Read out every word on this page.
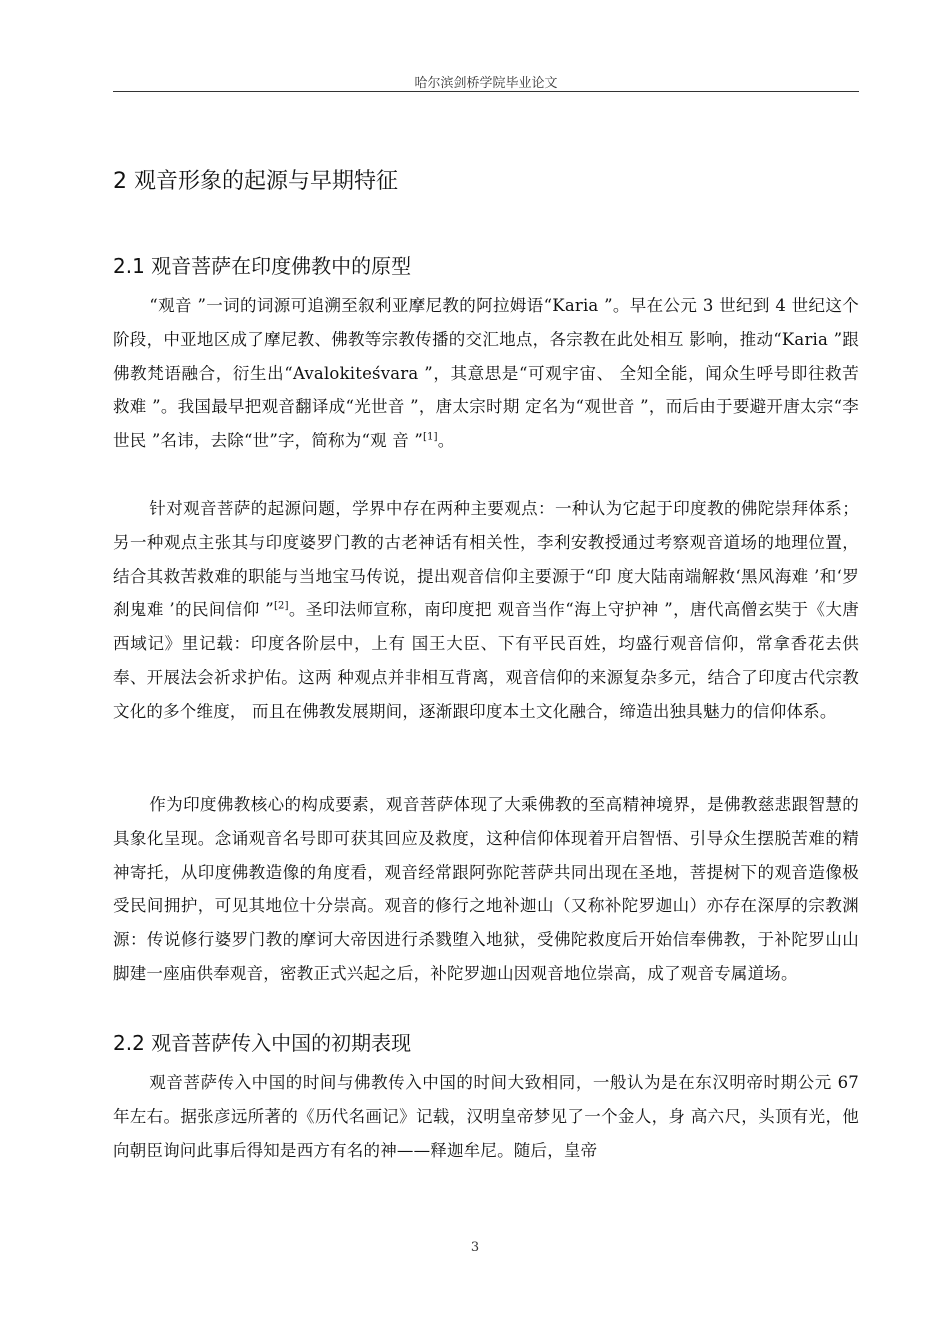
哈尔滨剑桥学院毕业论文
2 观音形象的起源与早期特征
2.1 观音菩萨在印度佛教中的原型
“观音 ”一词的词源可追溯至叙利亚摩尼教的阿拉姆语“Karia ”。早在公元 3 世纪到 4 世纪这个阶段，中亚地区成了摩尼教、佛教等宗教传播的交汇地点，各宗教在此处相互 影响，推动“Karia ”跟佛教梵语融合，衍生出“Avalokiteśvara ”，其意思是“可观宇宙、 全知全能，闻众生呼号即往救苦救难 ”。我国最早把观音翻译成“光世音 ”，唐太宗时期 定名为“观世音 ”，而后由于要避开唐太宗“李世民 ”名讳，去除“世”字，简称为“观 音 ”[1]。
针对观音菩萨的起源问题，学界中存在两种主要观点：一种认为它起于印度教的佛陀崇拜体系；另一种观点主张其与印度婆罗门教的古老神话有相关性，李利安教授通过考察观音道场的地理位置，结合其救苦救难的职能与当地宝马传说，提出观音信仰主要源于“印 度大陆南端解救‘黑风海难 ’和‘罗刹鬼难 ’的民间信仰 ”[2]。圣印法师宣称，南印度把 观音当作“海上守护神 ”，唐代高僧玄奘于《大唐西域记》里记载：印度各阶层中，上有 国王大臣、下有平民百姓，均盛行观音信仰，常拿香花去供奉、开展法会祈求护佑。这两 种观点并非相互背离，观音信仰的来源复杂多元，结合了印度古代宗教文化的多个维度， 而且在佛教发展期间，逐渐跟印度本土文化融合，缔造出独具魅力的信仰体系。
作为印度佛教核心的构成要素，观音菩萨体现了大乘佛教的至高精神境界，是佛教慈悲跟智慧的具象化呈现。念诵观音名号即可获其回应及救度，这种信仰体现着开启智悟、引导众生摆脱苦难的精神寄托，从印度佛教造像的角度看，观音经常跟阿弥陀菩萨共同出现在圣地，菩提树下的观音造像极受民间拥护，可见其地位十分崇高。观音的修行之地补迦山（又称补陀罗迦山）亦存在深厚的宗教渊源：传说修行婆罗门教的摩诃大帝因进行杀戮堕入地狱，受佛陀救度后开始信奉佛教，于补陀罗山山脚建一座庙供奉观音，密教正式兴起之后，补陀罗迦山因观音地位崇高，成了观音专属道场。
2.2 观音菩萨传入中国的初期表现
观音菩萨传入中国的时间与佛教传入中国的时间大致相同，一般认为是在东汉明帝时期公元 67 年左右。据张彦远所著的《历代名画记》记载，汉明皇帝梦见了一个金人，身 高六尺，头顶有光，他向朝臣询问此事后得知是西方有名的神——释迦牟尼。随后，皇帝
3
